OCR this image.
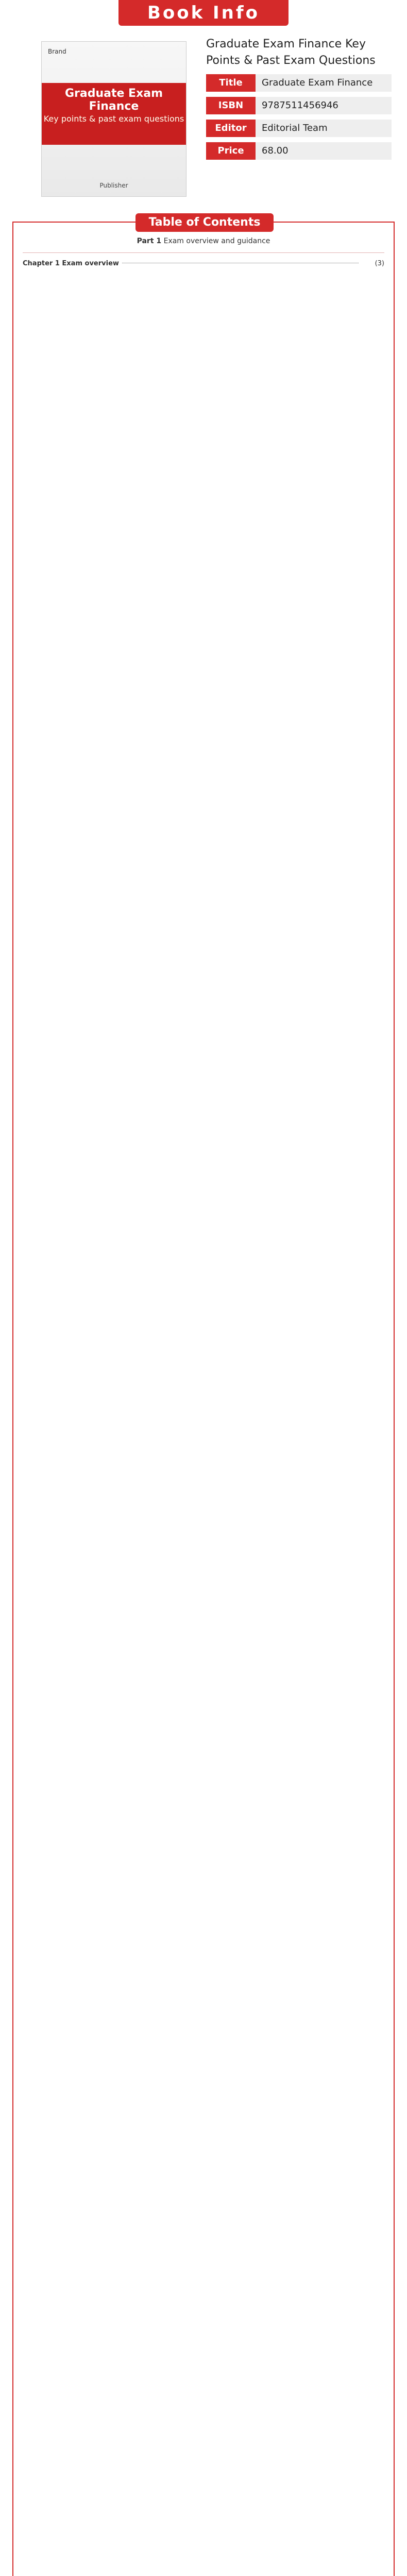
Book Info
Brand
Graduate Exam Finance
Key points & past exam questions
Publisher
Graduate Exam Finance Key Points & Past Exam Questions
Title	Graduate Exam Finance
ISBN	9787511456946
Editor	Editorial Team
Price	68.00
Table of Contents
Part 1 Exam overview and guidance
Chapter 1 Exam overview	(3)
